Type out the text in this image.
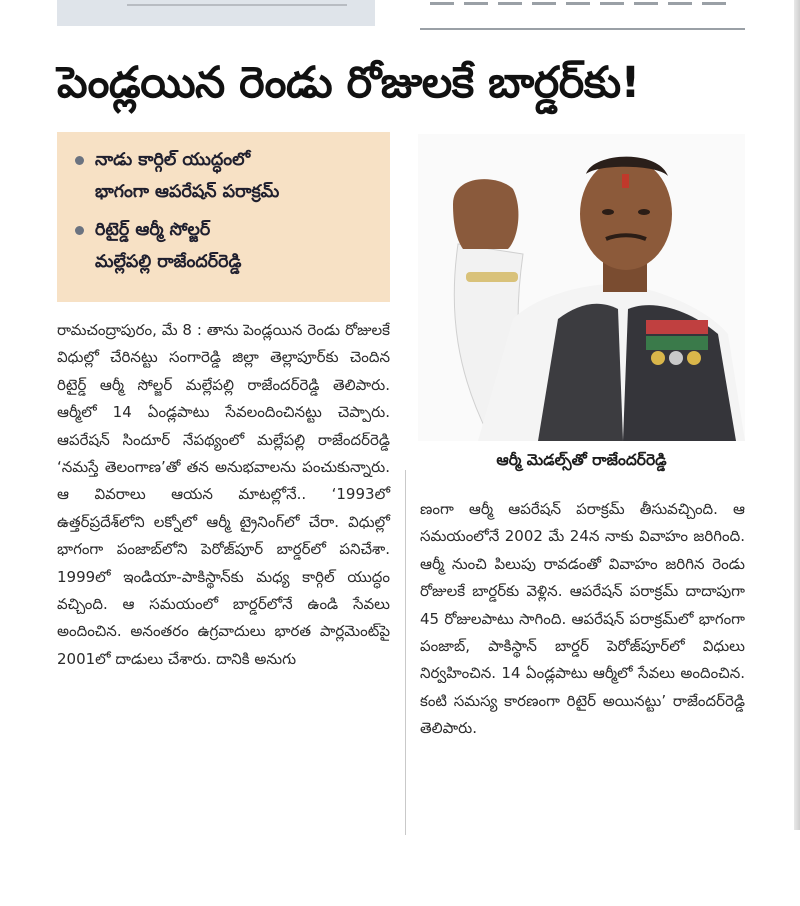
పెండ్లయిన రెండు రోజులకే బార్డర్‌కు!
నాడు కార్గిల్ యుద్ధంలో
భాగంగా ఆపరేషన్ పరాక్రమ్
రిటైర్డ్ ఆర్మీ సోల్జర్
మల్లేపల్లి రాజేందర్‌రెడ్డి

ఆర్మీ మెడల్స్‌తో రాజేందర్‌రెడ్డి

రామచంద్రాపురం, మే 8 : తాను పెండ్లయిన రెండు రోజులకే విధుల్లో చేరినట్టు సంగారెడ్డి జిల్లా తెల్లాపూర్‌కు చెందిన రిటైర్డ్ ఆర్మీ సోల్జర్ మల్లేపల్లి రాజేందర్‌రెడ్డి తెలిపారు. ఆర్మీలో 14 ఏండ్లపాటు సేవలందించినట్టు చెప్పారు. ఆపరేషన్ సిందూర్ నేపథ్యంలో మల్లేపల్లి రాజేందర్‌రెడ్డి ‘నమస్తే తెలంగాణ’తో తన అనుభవాలను పంచుకున్నారు. ఆ వివరాలు ఆయన మాటల్లోనే.. ‘1993లో ఉత్తర్‌ప్రదేశ్‌లోని లక్నోలో ఆర్మీ ట్రైనింగ్‌లో చేరా. విధుల్లో భాగంగా పంజాబ్‌లోని పెరోజ్‌పూర్ బార్డర్‌లో పనిచేశా. 1999లో ఇండియా-పాకిస్థాన్‌కు మధ్య కార్గిల్ యుద్ధం వచ్చింది. ఆ సమయంలో బార్డర్‌లోనే ఉండి సేవలు అందించిన. అనంతరం ఉగ్రవాదులు భారత పార్లమెంట్‌పై 2001లో దాడులు చేశారు. దానికి అనుగు

ణంగా ఆర్మీ ఆపరేషన్ పరాక్రమ్ తీసువచ్చింది. ఆ సమయంలోనే 2002 మే 24న నాకు వివాహం జరిగింది. ఆర్మీ నుంచి పిలుపు రావడంతో వివాహం జరిగిన రెండు రోజులకే బార్డర్‌కు వెళ్లిన. ఆపరేషన్ పరాక్రమ్ దాదాపుగా 45 రోజులపాటు సాగింది. ఆపరేషన్ పరాక్రమ్‌లో భాగంగా పంజాబ్, పాకిస్థాన్ బార్డర్ పెరోజ్‌పూర్‌లో విధులు నిర్వహించిన. 14 ఏండ్లపాటు ఆర్మీలో సేవలు అందించిన. కంటి సమస్య కారణంగా రిటైర్ అయినట్టు’ రాజేందర్‌రెడ్డి తెలిపారు.
